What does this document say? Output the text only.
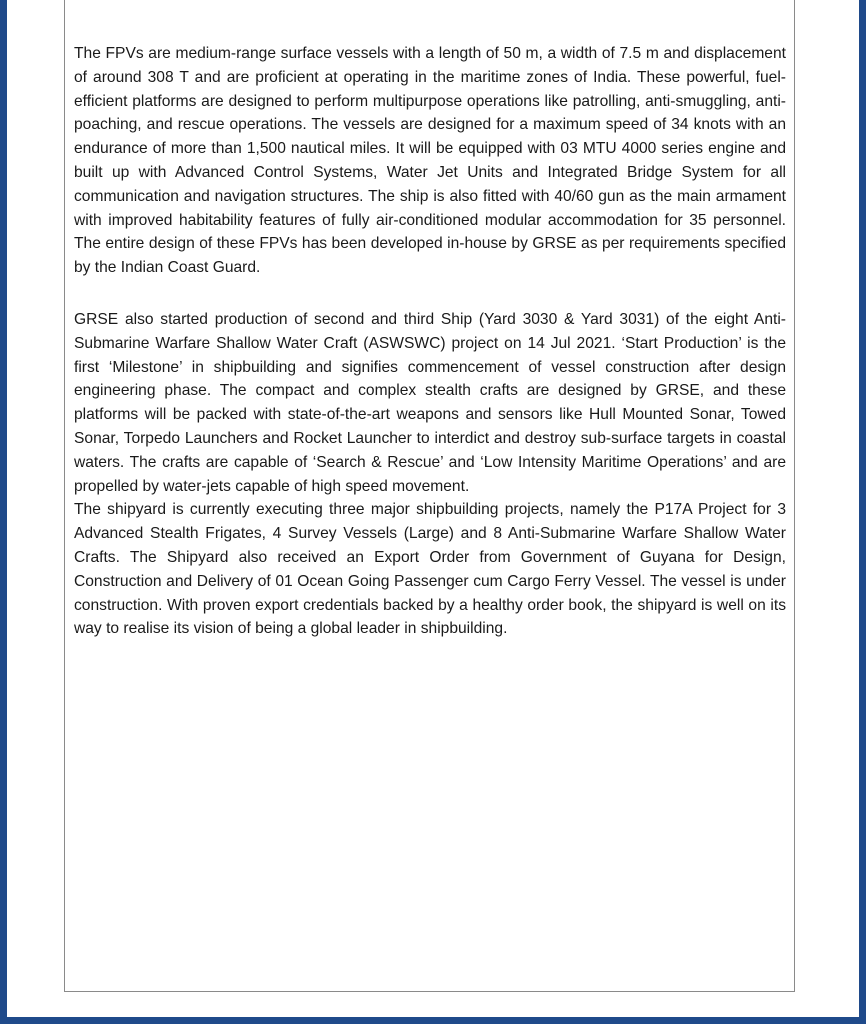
The FPVs are medium-range surface vessels with a length of 50 m, a width of 7.5 m and displacement of around 308 T and are proficient at operating in the maritime zones of India. These powerful, fuel-efficient platforms are designed to perform multipurpose operations like patrolling, anti-smuggling, anti-poaching, and rescue operations. The vessels are designed for a maximum speed of 34 knots with an endurance of more than 1,500 nautical miles. It will be equipped with 03 MTU 4000 series engine and built up with Advanced Control Systems, Water Jet Units and Integrated Bridge System for all communication and navigation structures. The ship is also fitted with 40/60 gun as the main armament with improved habitability features of fully air-conditioned modular accommodation for 35 personnel. The entire design of these FPVs has been developed in-house by GRSE as per requirements specified by the Indian Coast Guard.

GRSE also started production of second and third Ship (Yard 3030 & Yard 3031) of the eight Anti-Submarine Warfare Shallow Water Craft (ASWSWC) project on 14 Jul 2021. ‘Start Production’ is the first ‘Milestone’ in shipbuilding and signifies commencement of vessel construction after design engineering phase. The compact and complex stealth crafts are designed by GRSE, and these platforms will be packed with state-of-the-art weapons and sensors like Hull Mounted Sonar, Towed Sonar, Torpedo Launchers and Rocket Launcher to interdict and destroy sub-surface targets in coastal waters. The crafts are capable of ‘Search & Rescue’ and ‘Low Intensity Maritime Operations’ and are propelled by water-jets capable of high speed movement.

The shipyard is currently executing three major shipbuilding projects, namely the P17A Project for 3 Advanced Stealth Frigates, 4 Survey Vessels (Large) and 8 Anti-Submarine Warfare Shallow Water Crafts. The Shipyard also received an Export Order from Government of Guyana for Design, Construction and Delivery of 01 Ocean Going Passenger cum Cargo Ferry Vessel. The vessel is under construction. With proven export credentials backed by a healthy order book, the shipyard is well on its way to realise its vision of being a global leader in shipbuilding.
